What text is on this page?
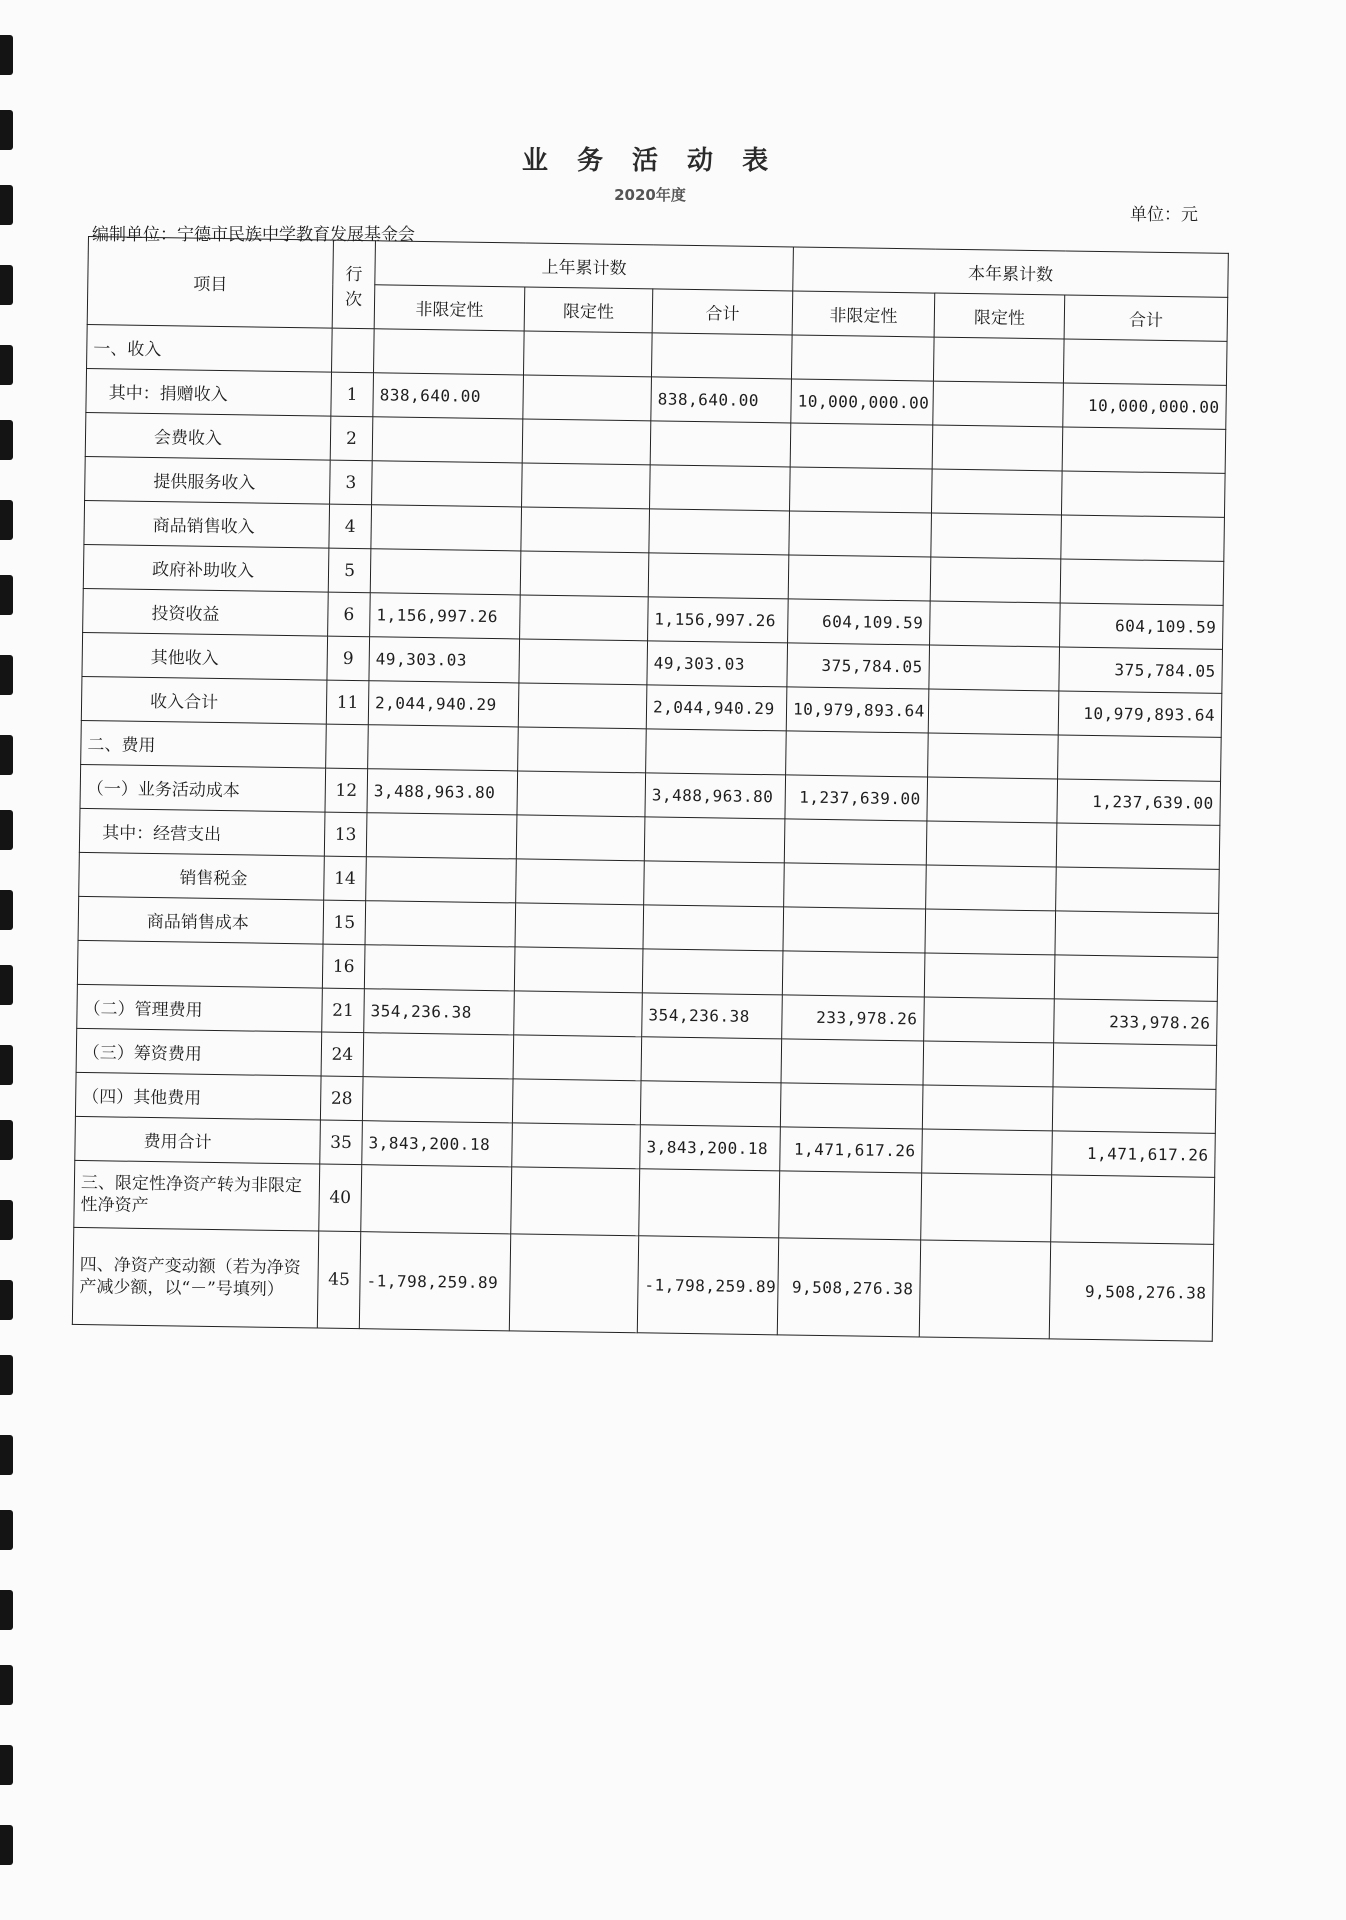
业 务 活 动 表
2020年度
单位：元
编制单位：宁德市民族中学教育发展基金会
项目	行次	上年累计数			本年累计数		
		非限定性	限定性	合计	非限定性	限定性	合计
一、收入							
其中：捐赠收入	1	838,640.00		838,640.00	10,000,000.00		10,000,000.00
会费收入	2						
提供服务收入	3						
商品销售收入	4						
政府补助收入	5						
投资收益	6	1,156,997.26		1,156,997.26	604,109.59		604,109.59
其他收入	9	49,303.03		49,303.03	375,784.05		375,784.05
收入合计	11	2,044,940.29		2,044,940.29	10,979,893.64		10,979,893.64
二、费用							
（一）业务活动成本	12	3,488,963.80		3,488,963.80	1,237,639.00		1,237,639.00
其中：经营支出	13						
销售税金	14						
商品销售成本	15						
	16						
（二）管理费用	21	354,236.38		354,236.38	233,978.26		233,978.26
（三）筹资费用	24						
（四）其他费用	28						
费用合计	35	3,843,200.18		3,843,200.18	1,471,617.26		1,471,617.26
三、限定性净资产转为非限定性净资产	40						
四、净资产变动额（若为净资产减少额，以“－”号填列）	45	-1,798,259.89		-1,798,259.89	9,508,276.38		9,508,276.38
